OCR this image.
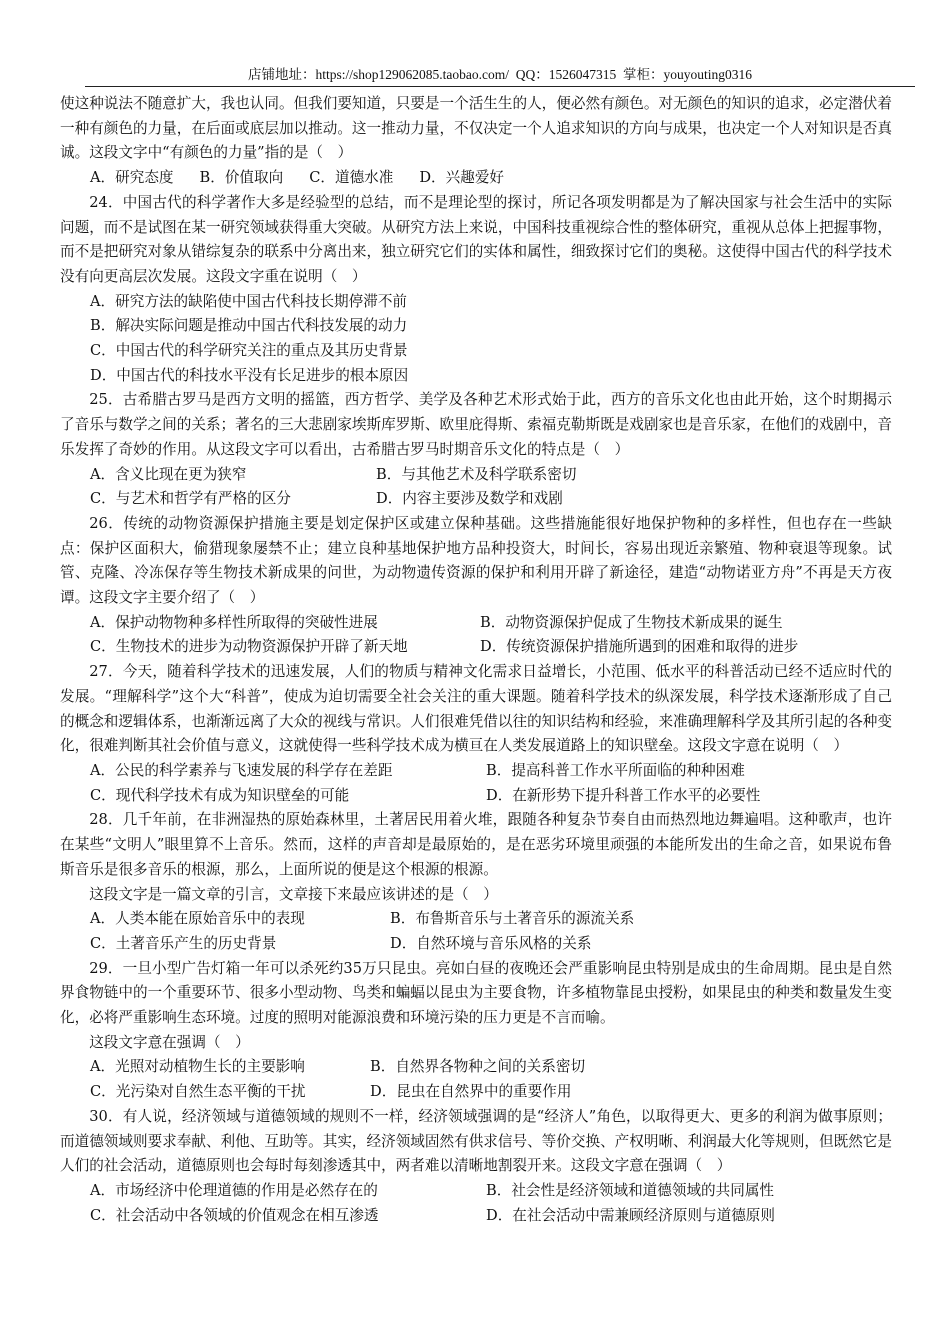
店铺地址：https://shop129062085.taobao.com/ QQ：1526047315 掌柜：youyouting0316

使这种说法不随意扩大，我也认同。但我们要知道，只要是一个活生生的人，便必然有颜色。对无颜色的知识的追求，必定潜伏着一种有颜色的力量，在后面或底层加以推动。这一推动力量，不仅决定一个人追求知识的方向与成果，也决定一个人对知识是否真诚。这段文字中“有颜色的力量”指的是（　）

A．研究态度 B．价值取向 C．道德水准 D．兴趣爱好

24．中国古代的科学著作大多是经验型的总结，而不是理论型的探讨，所记各项发明都是为了解决国家与社会生活中的实际问题，而不是试图在某一研究领域获得重大突破。从研究方法上来说，中国科技重视综合性的整体研究，重视从总体上把握事物，而不是把研究对象从错综复杂的联系中分离出来，独立研究它们的实体和属性，细致探讨它们的奥秘。这使得中国古代的科学技术没有向更高层次发展。这段文字重在说明（　）

A．研究方法的缺陷使中国古代科技长期停滞不前
B．解决实际问题是推动中国古代科技发展的动力
C．中国古代的科学研究关注的重点及其历史背景
D．中国古代的科技水平没有长足进步的根本原因

25．古希腊古罗马是西方文明的摇篮，西方哲学、美学及各种艺术形式始于此，西方的音乐文化也由此开始，这个时期揭示了音乐与数学之间的关系；著名的三大悲剧家埃斯库罗斯、欧里庇得斯、索福克勒斯既是戏剧家也是音乐家，在他们的戏剧中，音乐发挥了奇妙的作用。从这段文字可以看出，古希腊古罗马时期音乐文化的特点是（　）

A．含义比现在更为狭窄	B．与其他艺术及科学联系密切
C．与艺术和哲学有严格的区分	D．内容主要涉及数学和戏剧

26．传统的动物资源保护措施主要是划定保护区或建立保种基础。这些措施能很好地保护物种的多样性，但也存在一些缺点：保护区面积大，偷猎现象屡禁不止；建立良种基地保护地方品种投资大，时间长，容易出现近亲繁殖、物种衰退等现象。试管、克隆、冷冻保存等生物技术新成果的问世，为动物遗传资源的保护和利用开辟了新途径，建造“动物诺亚方舟”不再是天方夜谭。这段文字主要介绍了（　）

A．保护动物物种多样性所取得的突破性进展	B．动物资源保护促成了生物技术新成果的诞生
C．生物技术的进步为动物资源保护开辟了新天地	D．传统资源保护措施所遇到的困难和取得的进步

27．今天，随着科学技术的迅速发展，人们的物质与精神文化需求日益增长，小范围、低水平的科普活动已经不适应时代的发展。“理解科学”这个大“科普”，使成为迫切需要全社会关注的重大课题。随着科学技术的纵深发展，科学技术逐渐形成了自己的概念和逻辑体系，也渐渐远离了大众的视线与常识。人们很难凭借以往的知识结构和经验，来准确理解科学及其所引起的各种变化，很难判断其社会价值与意义，这就使得一些科学技术成为横亘在人类发展道路上的知识壁垒。这段文字意在说明（　）

A．公民的科学素养与飞速发展的科学存在差距	B．提高科普工作水平所面临的种种困难
C．现代科学技术有成为知识壁垒的可能	D．在新形势下提升科普工作水平的必要性

28．几千年前，在非洲湿热的原始森林里，土著居民用着火堆，跟随各种复杂节奏自由而热烈地边舞遍唱。这种歌声，也许在某些“文明人”眼里算不上音乐。然而，这样的声音却是最原始的，是在恶劣环境里顽强的本能所发出的生命之音，如果说布鲁斯音乐是很多音乐的根源，那么，上面所说的便是这个根源的根源。

这段文字是一篇文章的引言，文章接下来最应该讲述的是（　）

A．人类本能在原始音乐中的表现	B．布鲁斯音乐与土著音乐的源流关系
C．土著音乐产生的历史背景	D．自然环境与音乐风格的关系

29．一旦小型广告灯箱一年可以杀死约35万只昆虫。亮如白昼的夜晚还会严重影响昆虫特别是成虫的生命周期。昆虫是自然界食物链中的一个重要环节、很多小型动物、鸟类和蝙蝠以昆虫为主要食物，许多植物靠昆虫授粉，如果昆虫的种类和数量发生变化，必将严重影响生态环境。过度的照明对能源浪费和环境污染的压力更是不言而喻。

这段文字意在强调（　）

A．光照对动植物生长的主要影响	B．自然界各物种之间的关系密切
C．光污染对自然生态平衡的干扰	D．昆虫在自然界中的重要作用

30．有人说，经济领域与道德领域的规则不一样，经济领域强调的是“经济人”角色，以取得更大、更多的利润为做事原则；而道德领域则要求奉献、利他、互助等。其实，经济领域固然有供求信号、等价交换、产权明晰、利润最大化等规则，但既然它是人们的社会活动，道德原则也会每时每刻渗透其中，两者难以清晰地割裂开来。这段文字意在强调（　）

A．市场经济中伦理道德的作用是必然存在的	B．社会性是经济领域和道德领域的共同属性
C．社会活动中各领域的价值观念在相互渗透	D．在社会活动中需兼顾经济原则与道德原则
